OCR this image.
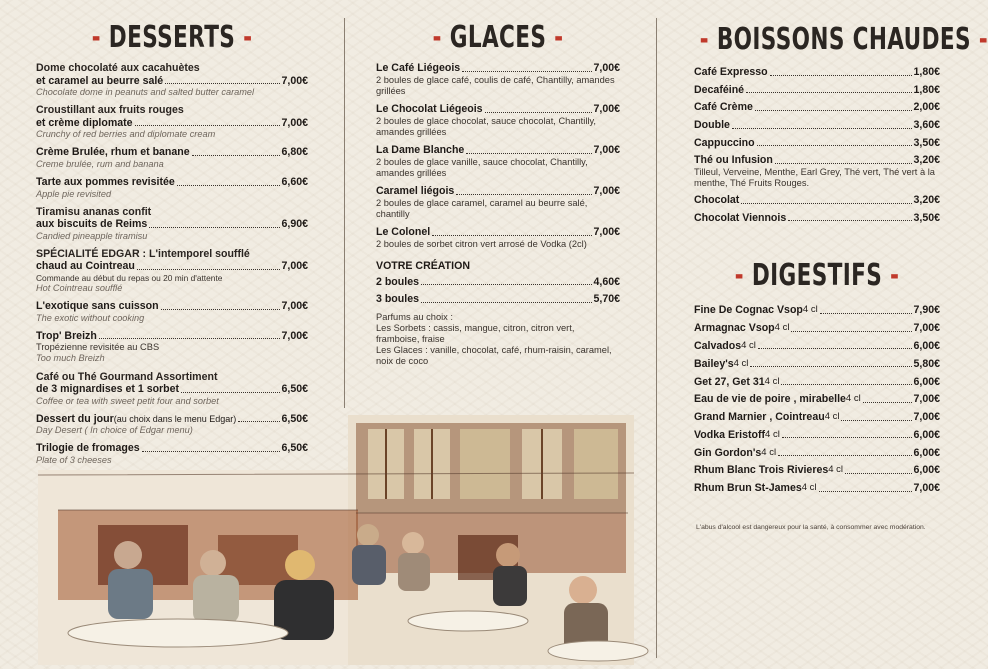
- DESSERTS -
Dome chocolaté aux cacahuètes
et caramel au beurre salé	7,00€
Chocolate dome in peanuts and salted butter caramel
Croustillant aux fruits rouges
et crème diplomate	7,00€
Crunchy of red berries and diplomate cream
Crème Brulée, rhum et banane	6,80€
Creme brulée, rum and banana
Tarte aux pommes revisitée	6,60€
Apple pie revisited
Tiramisu ananas confit
aux biscuits de Reims	6,90€
Candied pineapple tiramisu
SPÉCIALITÉ EDGAR : L'intemporel soufflé
chaud au Cointreau	7,00€
Commande au début du repas ou 20 min d'attente
Hot Cointreau soufflé
L'exotique sans cuisson	7,00€
The exotic without cooking
Trop' Breizh	7,00€
Tropézienne revisitée au CBS
Too much Breizh
Café ou Thé Gourmand Assortiment
de 3 mignardises et 1 sorbet	6,50€
Coffee or tea with sweet petit four and sorbet
Dessert du jour (au choix dans le menu Edgar)	6,50€
Day Desert ( In choice of Edgar menu)
Trilogie de fromages	6,50€
Plate of 3 cheeses
- GLACES -
Le Café Liégeois	7,00€
2 boules de glace café, coulis de café, Chantilly, amandes grillées
Le Chocolat Liégeois	7,00€
2 boules de glace chocolat, sauce chocolat, Chantilly, amandes grillées
La Dame Blanche	7,00€
2 boules de glace vanille, sauce chocolat, Chantilly, amandes grillées
Caramel liégois	7,00€
2 boules de glace caramel, caramel au beurre salé, chantilly
Le Colonel	7,00€
2 boules de sorbet citron vert arrosé de Vodka (2cl)
VOTRE CRÉATION
2 boules	4,60€
3 boules	5,70€
Parfums au choix :
Les Sorbets : cassis, mangue, citron, citron vert, framboise, fraise
Les Glaces : vanille, chocolat, café, rhum-raisin, caramel, noix de coco
- BOISSONS CHAUDES -
Café Expresso	1,80€
Decaféiné	1,80€
Café Crème	2,00€
Double	3,60€
Cappuccino	3,50€
Thé ou Infusion	3,20€
Tilleul, Verveine, Menthe, Earl Grey, Thé vert, Thé vert à la menthe, Thé Fruits Rouges.
Chocolat	3,20€
Chocolat Viennois	3,50€
- DIGESTIFS -
Fine De Cognac Vsop 4 cl	7,90€
Armagnac Vsop 4 cl	7,00€
Calvados 4 cl	6,00€
Bailey's 4 cl	5,80€
Get 27, Get 31 4 cl	6,00€
Eau de vie de poire , mirabelle 4 cl	7,00€
Grand Marnier , Cointreau 4 cl	7,00€
Vodka Eristoff 4 cl	6,00€
Gin Gordon's 4 cl	6,00€
Rhum Blanc Trois Rivieres 4 cl	6,00€
Rhum Brun St-James 4 cl	7,00€
L'abus d'alcool est dangereux pour la santé, à consommer avec modération.
